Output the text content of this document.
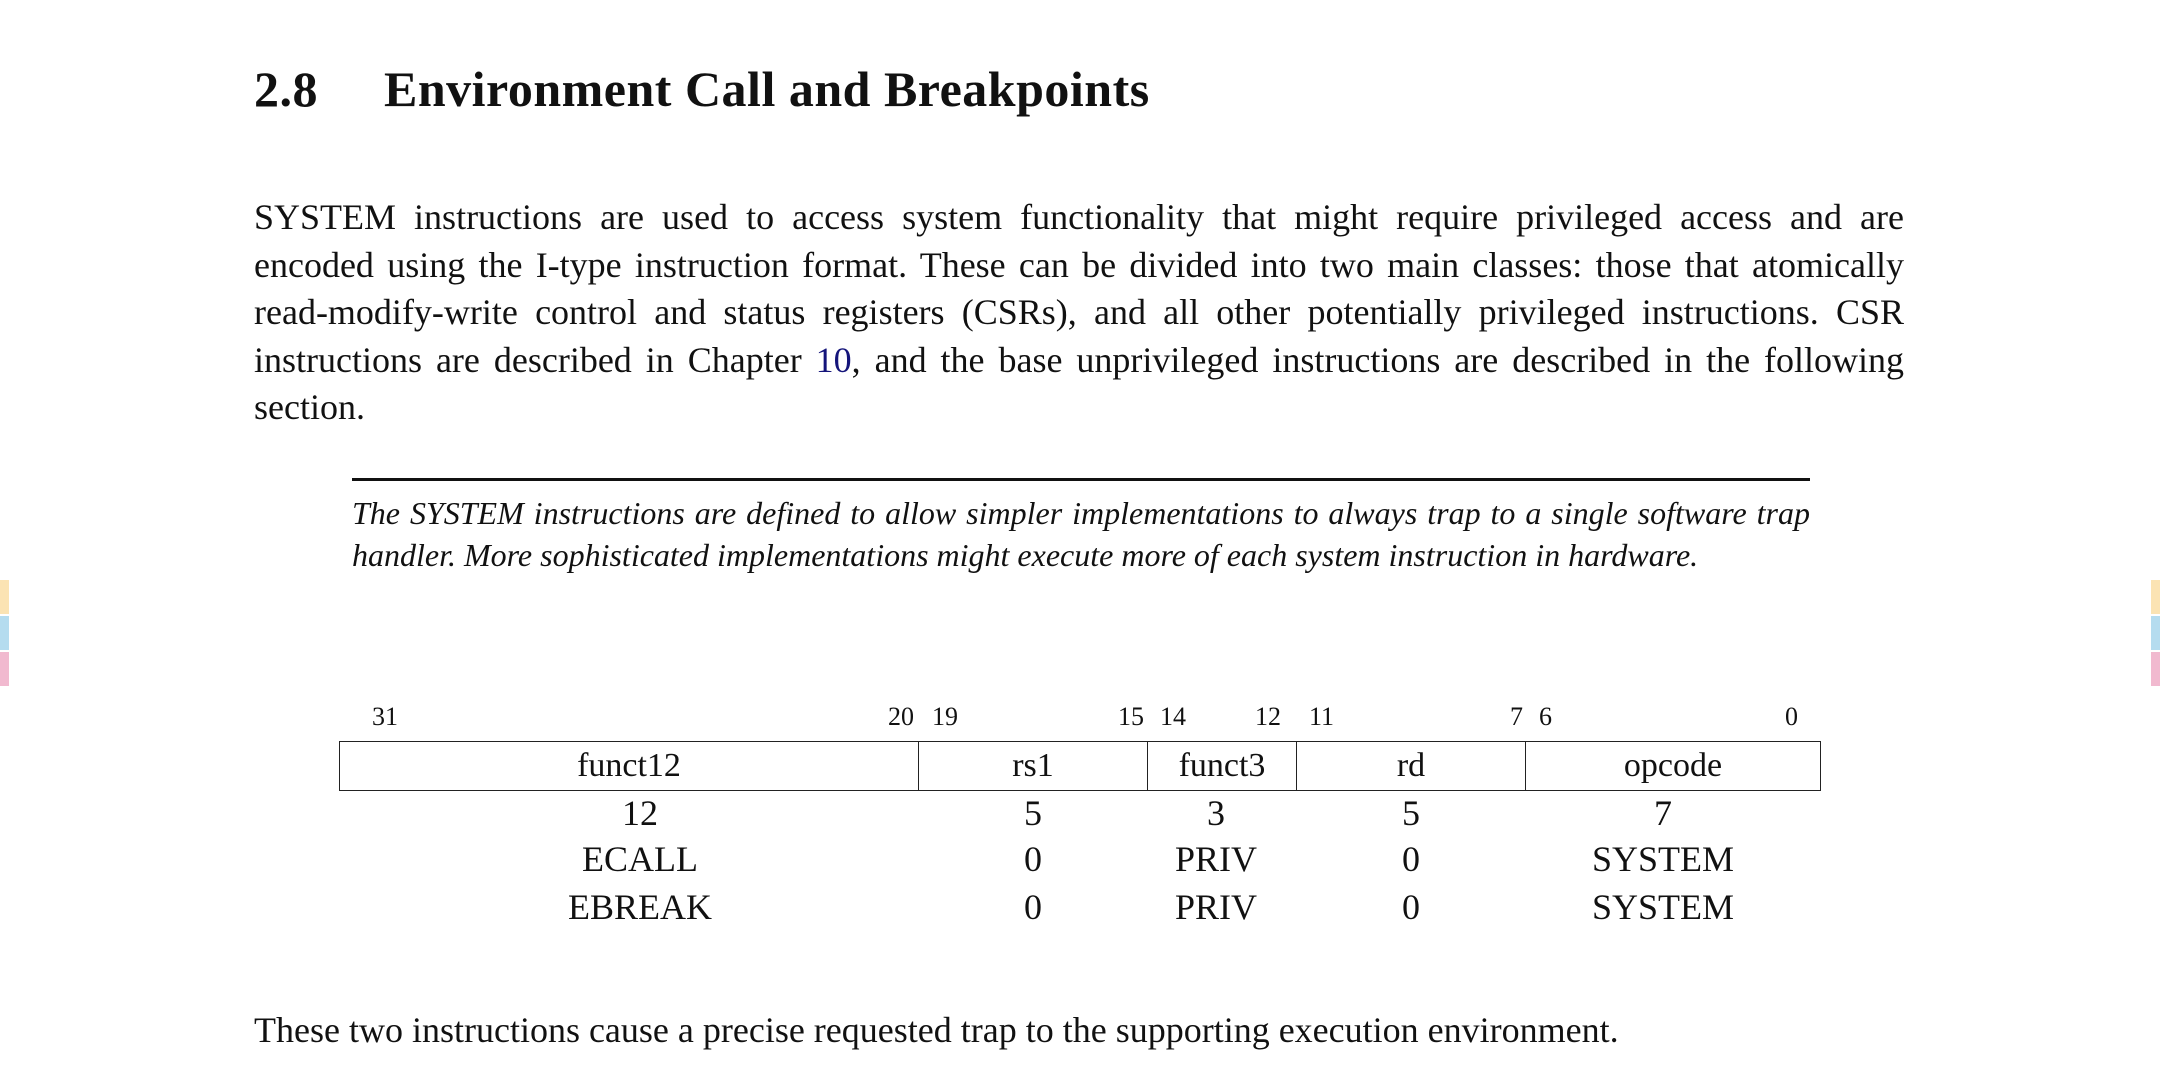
2.8 Environment Call and Breakpoints
SYSTEM instructions are used to access system functionality that might require privileged access and are encoded using the I-type instruction format. These can be divided into two main classes: those that atomically read-modify-write control and status registers (CSRs), and all other potentially privileged instructions. CSR instructions are described in Chapter 10, and the base unprivileged instructions are described in the following section.
The SYSTEM instructions are defined to allow simpler implementations to always trap to a single software trap handler. More sophisticated implementations might execute more of each system instruction in hardware.
31	20 19	15 14	12 11	7 6	0
funct12	rs1	funct3	rd	opcode
12	5	3	5	7
ECALL	0	PRIV	0	SYSTEM
EBREAK	0	PRIV	0	SYSTEM
These two instructions cause a precise requested trap to the supporting execution environment.
